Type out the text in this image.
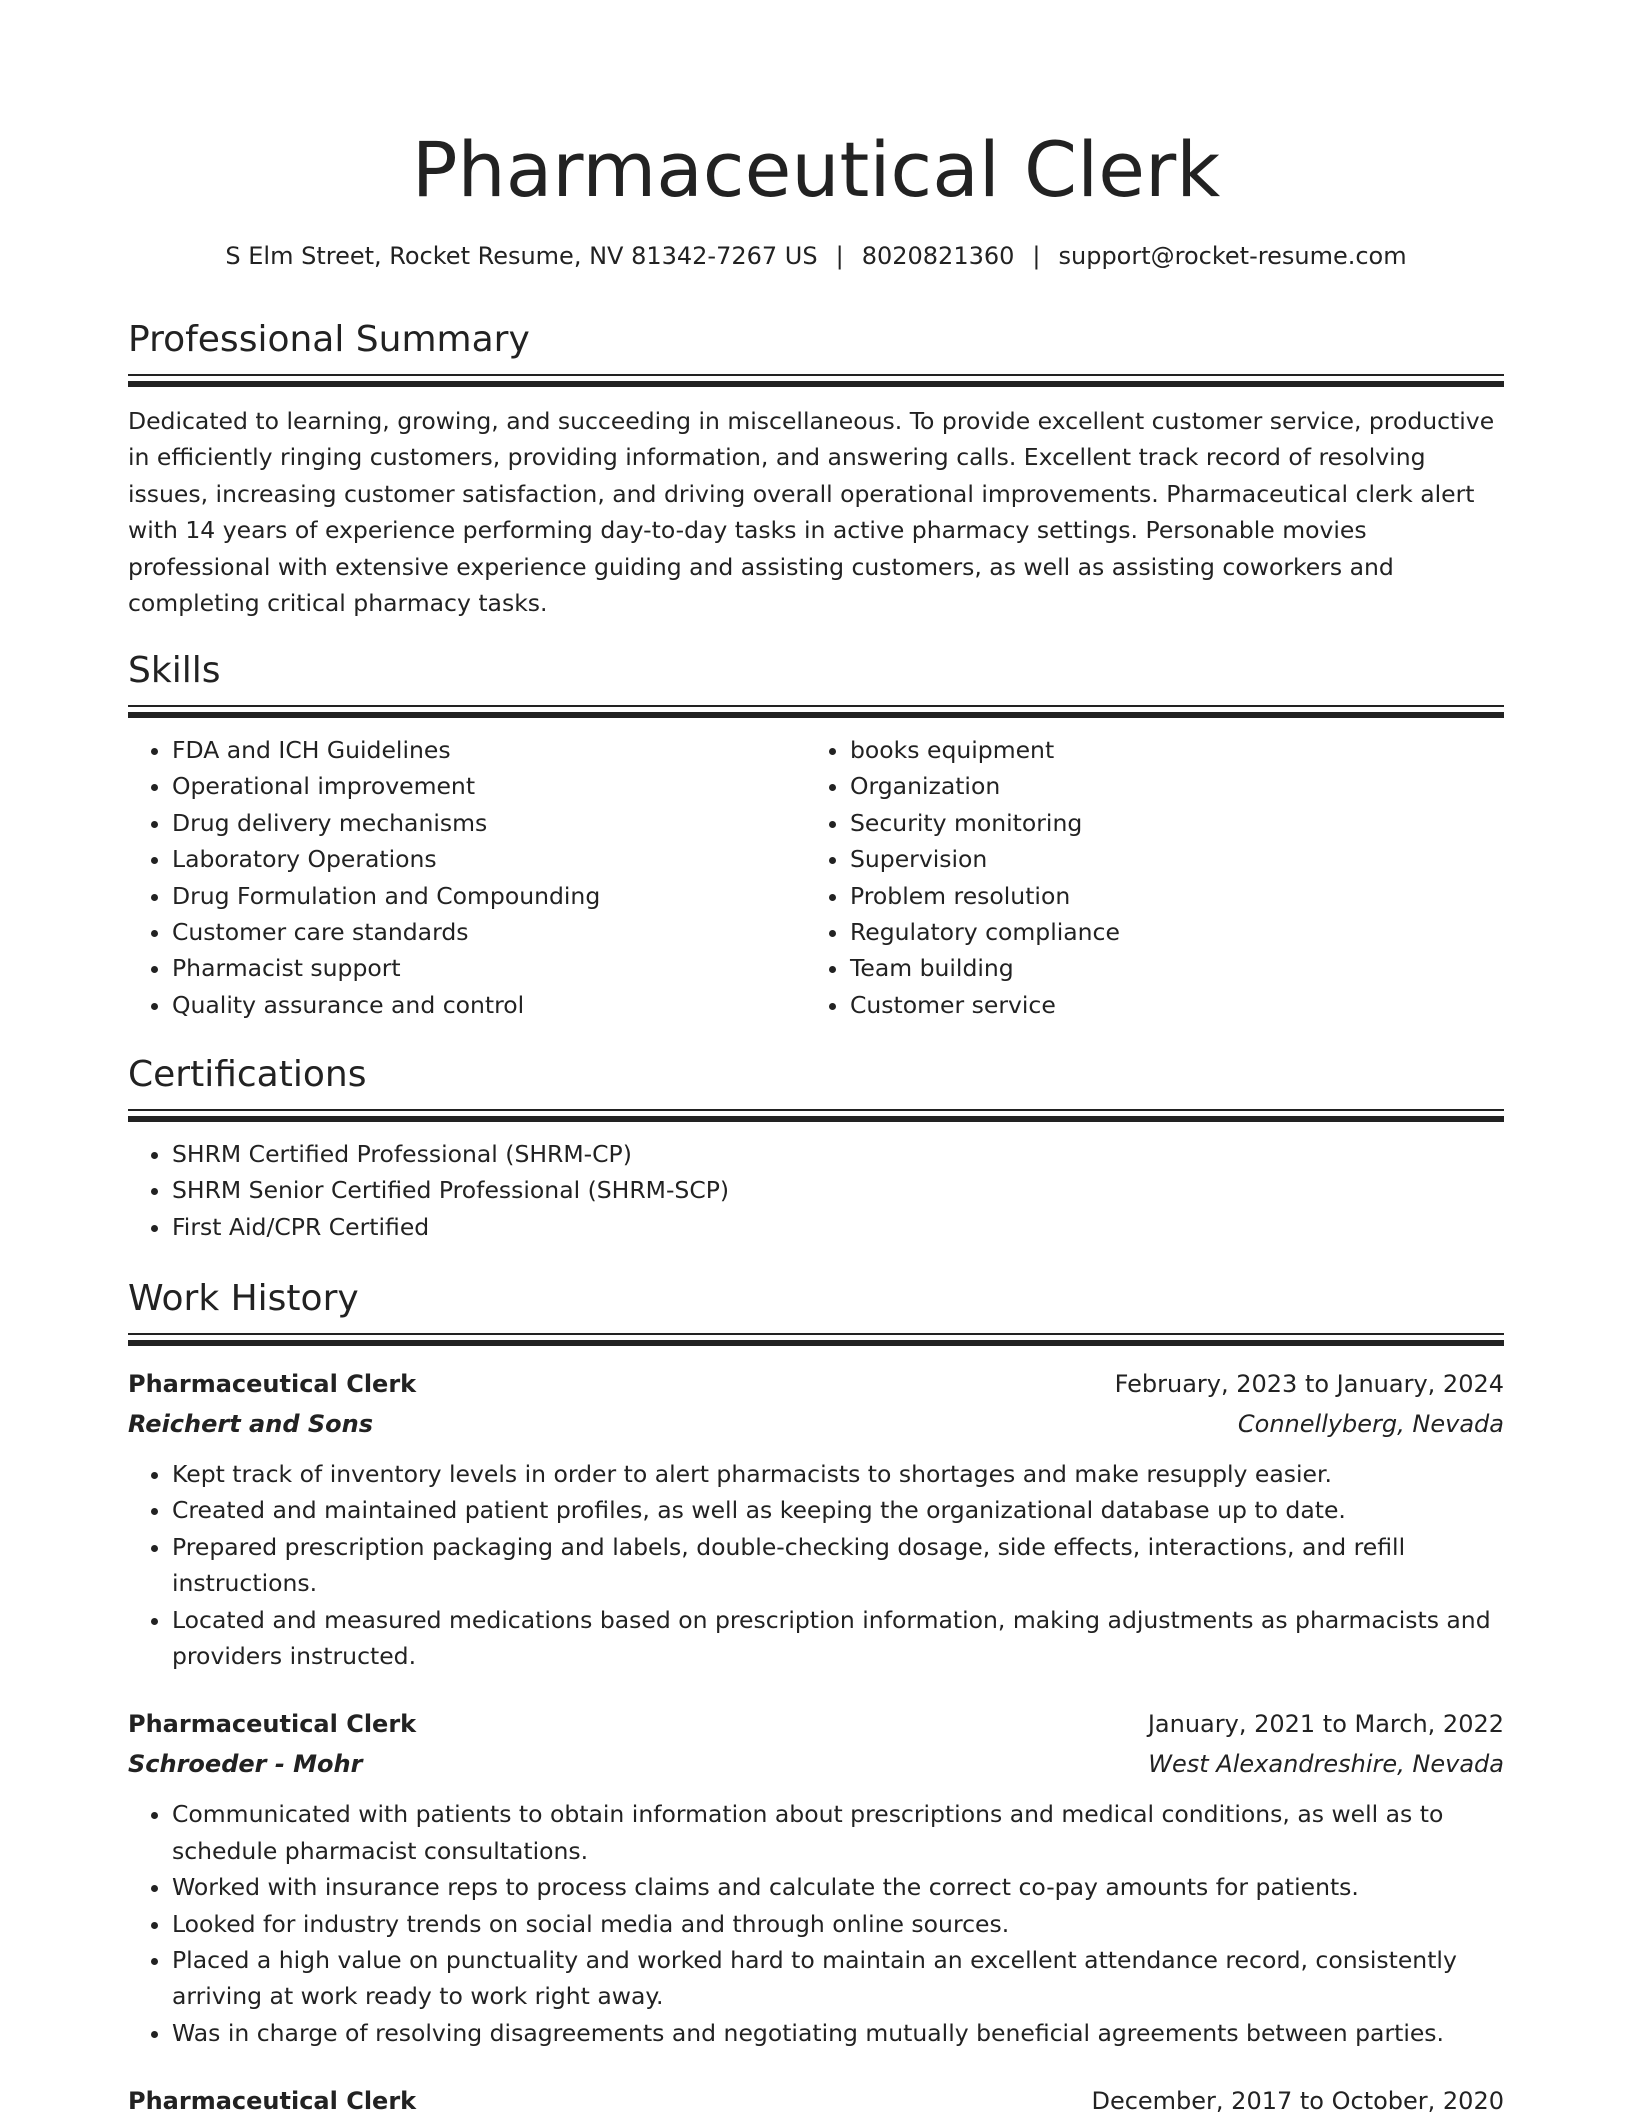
Pharmaceutical Clerk
S Elm Street, Rocket Resume, NV 81342-7267 US | 8020821360 | support@rocket-resume.com
Professional Summary

Dedicated to learning, growing, and succeeding in miscellaneous. To provide excellent customer service, productive in efficiently ringing customers, providing information, and answering calls. Excellent track record of resolving issues, increasing customer satisfaction, and driving overall operational improvements. Pharmaceutical clerk alert with 14 years of experience performing day-to-day tasks in active pharmacy settings. Personable movies professional with extensive experience guiding and assisting customers, as well as assisting coworkers and completing critical pharmacy tasks.

Skills
• FDA and ICH Guidelines
• Operational improvement
• Drug delivery mechanisms
• Laboratory Operations
• Drug Formulation and Compounding
• Customer care standards
• Pharmacist support
• Quality assurance and control
• books equipment
• Organization
• Security monitoring
• Supervision
• Problem resolution
• Regulatory compliance
• Team building
• Customer service
Certifications
• SHRM Certified Professional (SHRM-CP)
• SHRM Senior Certified Professional (SHRM-SCP)
• First Aid/CPR Certified
Work History
Pharmaceutical Clerk	February, 2023 to January, 2024
Reichert and Sons	Connellyberg, Nevada
• Kept track of inventory levels in order to alert pharmacists to shortages and make resupply easier.
• Created and maintained patient profiles, as well as keeping the organizational database up to date.
• Prepared prescription packaging and labels, double-checking dosage, side effects, interactions, and refill instructions.
• Located and measured medications based on prescription information, making adjustments as pharmacists and providers instructed.
Pharmaceutical Clerk	January, 2021 to March, 2022
Schroeder - Mohr	West Alexandreshire, Nevada
• Communicated with patients to obtain information about prescriptions and medical conditions, as well as to schedule pharmacist consultations.
• Worked with insurance reps to process claims and calculate the correct co-pay amounts for patients.
• Looked for industry trends on social media and through online sources.
• Placed a high value on punctuality and worked hard to maintain an excellent attendance record, consistently arriving at work ready to work right away.
• Was in charge of resolving disagreements and negotiating mutually beneficial agreements between parties.
Pharmaceutical Clerk	December, 2017 to October, 2020
